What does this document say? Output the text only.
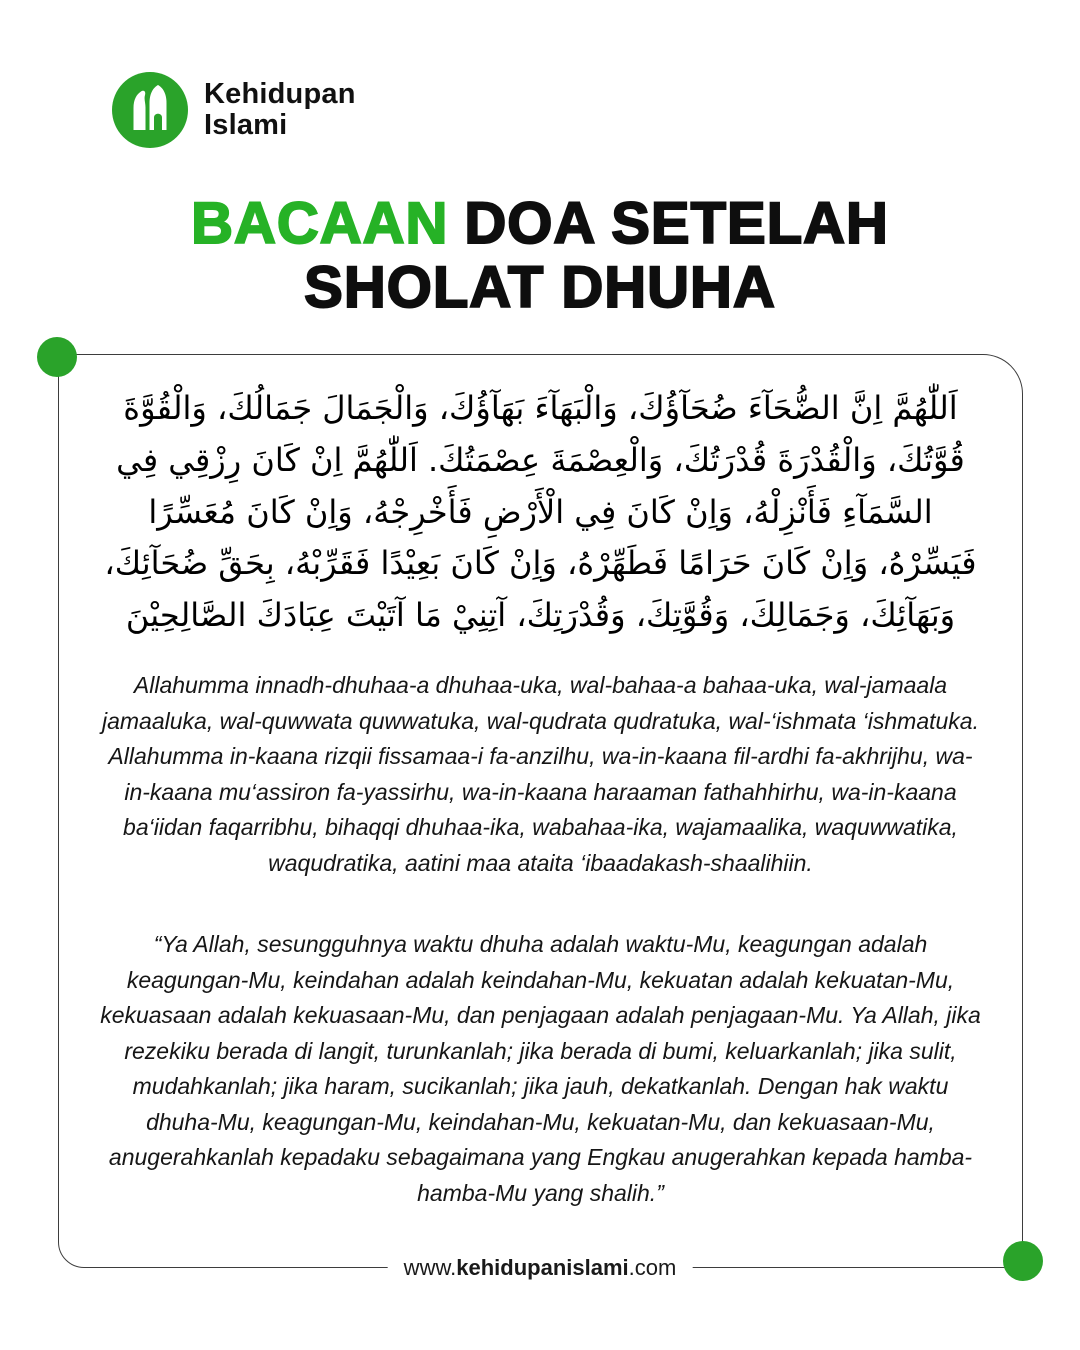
Kehidupan
Islami
BACAAN DOA SETELAH
SHOLAT DHUHA
اَللّٰهُمَّ اِنَّ الضُّحَآءَ ضُحَآؤُكَ، وَالْبَهَآءَ بَهَآؤُكَ، وَالْجَمَالَ جَمَالُكَ، وَالْقُوَّةَ قُوَّتُكَ، وَالْقُدْرَةَ قُدْرَتُكَ، وَالْعِصْمَةَ عِصْمَتُكَ. اَللّٰهُمَّ اِنْ كَانَ رِزْقِي فِي السَّمَآءِ فَأَنْزِلْهُ، وَاِنْ كَانَ فِي الْأَرْضِ فَأَخْرِجْهُ، وَاِنْ كَانَ مُعَسِّرًا فَيَسِّرْهُ، وَاِنْ كَانَ حَرَامًا فَطَهِّرْهُ، وَاِنْ كَانَ بَعِيْدًا فَقَرِّبْهُ، بِحَقِّ ضُحَآئِكَ، وَبَهَآئِكَ، وَجَمَالِكَ، وَقُوَّتِكَ، وَقُدْرَتِكَ، آتِنِيْ مَا آتَيْتَ عِبَادَكَ الصَّالِحِيْنَ
Allahumma innadh-dhuhaa-a dhuhaa-uka, wal-bahaa-a bahaa-uka, wal-jamaala jamaaluka, wal-quwwata quwwatuka, wal-qudrata qudratuka, wal-‘ishmata ‘ishmatuka. Allahumma in-kaana rizqii fissamaa-i fa-anzilhu, wa-in-kaana fil-ardhi fa-akhrijhu, wa-in-kaana mu‘assiron fa-yassirhu, wa-in-kaana haraaman fathahhirhu, wa-in-kaana ba‘iidan faqarribhu, bihaqqi dhuhaa-ika, wabahaa-ika, wajamaalika, waquwwatika, waqudratika, aatini maa ataita ‘ibaadakash-shaalihiin.
“Ya Allah, sesungguhnya waktu dhuha adalah waktu-Mu, keagungan adalah keagungan-Mu, keindahan adalah keindahan-Mu, kekuatan adalah kekuatan-Mu, kekuasaan adalah kekuasaan-Mu, dan penjagaan adalah penjagaan-Mu. Ya Allah, jika rezekiku berada di langit, turunkanlah; jika berada di bumi, keluarkanlah; jika sulit, mudahkanlah; jika haram, sucikanlah; jika jauh, dekatkanlah. Dengan hak waktu dhuha-Mu, keagungan-Mu, keindahan-Mu, kekuatan-Mu, dan kekuasaan-Mu, anugerahkanlah kepadaku sebagaimana yang Engkau anugerahkan kepada hamba-hamba-Mu yang shalih.”
www.kehidupanislami.com
